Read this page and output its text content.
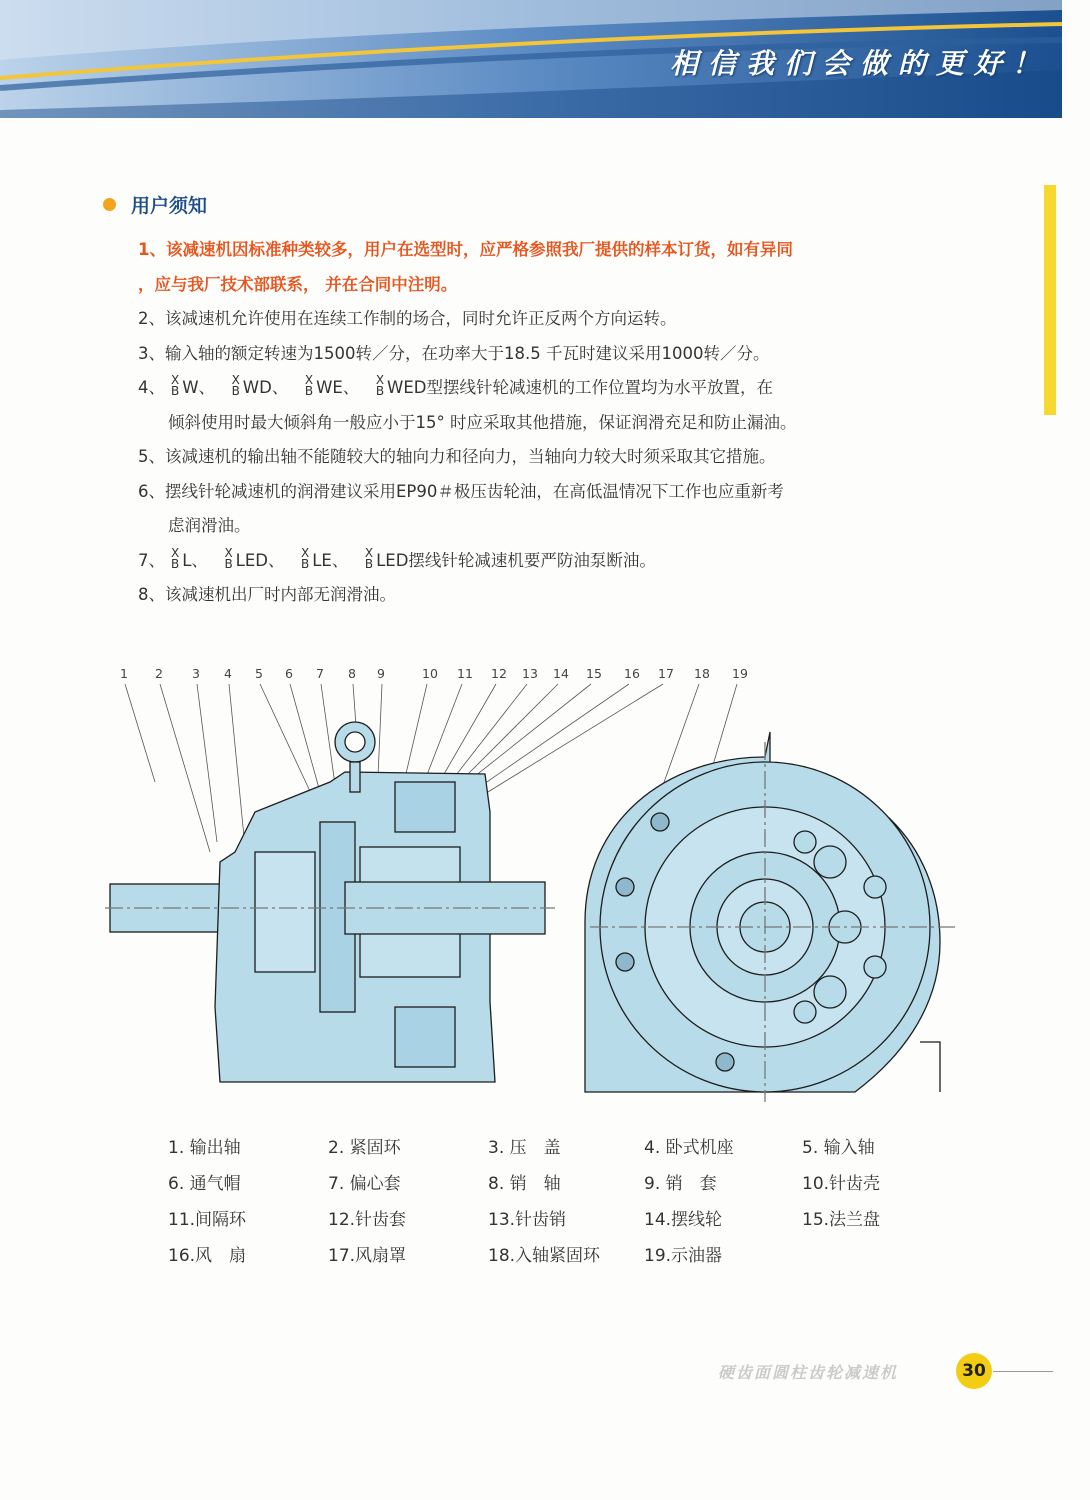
相信我们会做的更好！
用户须知

1、该减速机因标准种类较多，用户在选型时，应严格参照我厂提供的样本订货，如有异同

，应与我厂技术部联系， 并在合同中注明。

2、该减速机允许使用在连续工作制的场合，同时允许正反两个方向运转。

3、输入轴的额定转速为1500转／分，在功率大于18.5 千瓦时建议采用1000转／分。

4、 X
B W、 X
B WD、 X
B WE、 X
B WED型摆线针轮减速机的工作位置均为水平放置，在

倾斜使用时最大倾斜角一般应小于15° 时应采取其他措施，保证润滑充足和防止漏油。

5、该减速机的输出轴不能随较大的轴向力和径向力，当轴向力较大时须采取其它措施。

6、摆线针轮减速机的润滑建议采用EP90＃极压齿轮油，在高低温情况下工作也应重新考

虑润滑油。

7、 X
B L、 X
B LED、 X
B LE、 X
B LED摆线针轮减速机要严防油泵断油。

8、该减速机出厂时内部无润滑油。

1 2 3 4 5 6 7 8 9	10 11 12 13 14 15 16 17 18 19
1. 输出轴	2. 紧固环	3. 压　盖	4. 卧式机座	5. 输入轴
6. 通气帽	7. 偏心套	8. 销　轴	9. 销　套	10.针齿壳
11.间隔环	12.针齿套	13.针齿销	14.摆线轮	15.法兰盘
16.风　扇	17.风扇罩	18.入轴紧固环	19.示油器
硬齿面圆柱齿轮减速机	30
